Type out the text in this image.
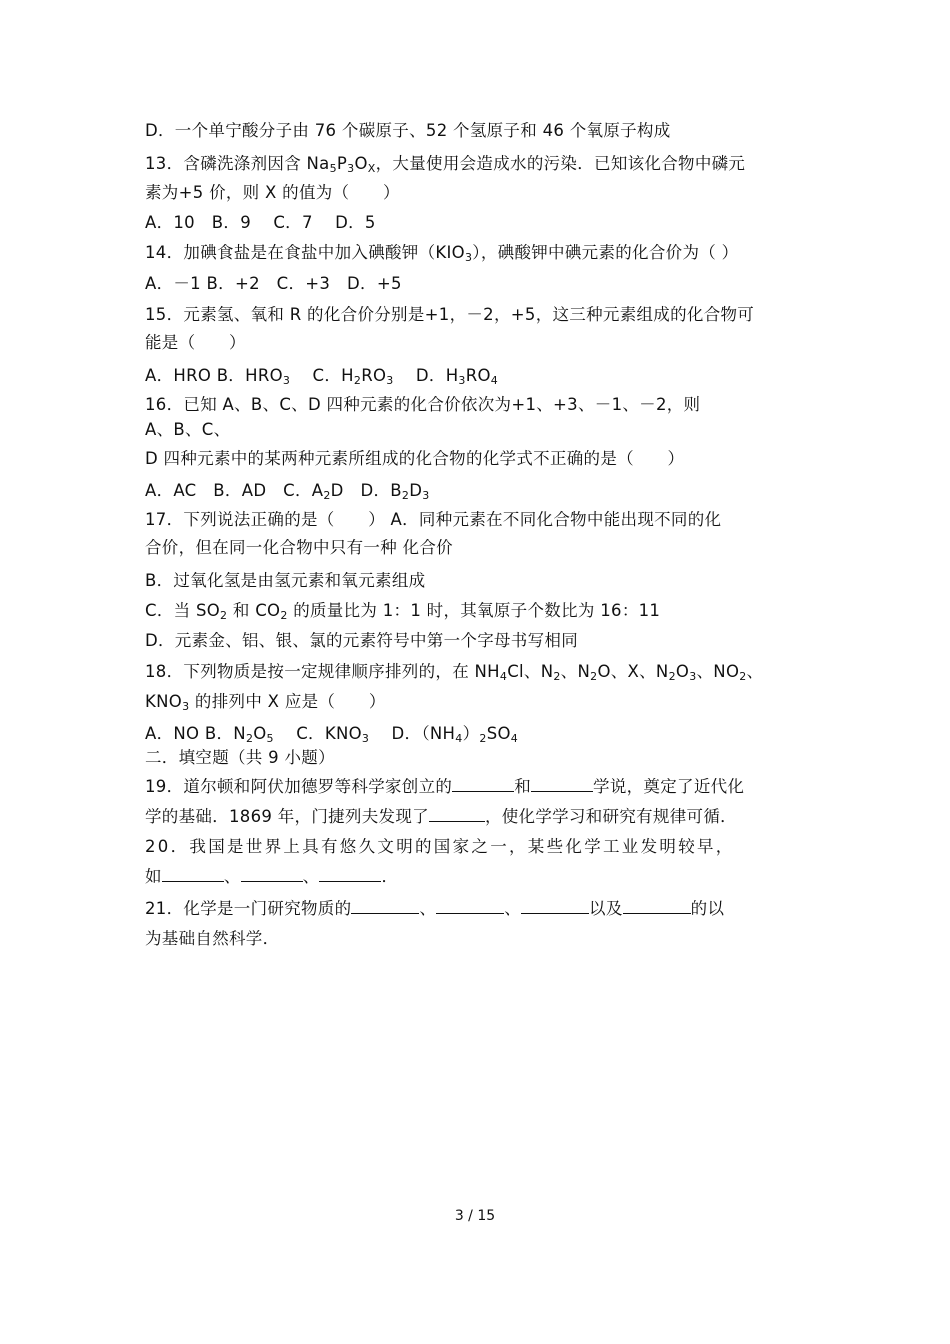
D．一个单宁酸分子由 76 个碳原子、52 个氢原子和 46 个氧原子构成
13．含磷洗涤剂因含 $Na_5P_3O_X$，大量使用会造成水的污染．已知该化合物中磷元
素为+5 价，则 X 的值为（　　）
A．10　B．9　 C．7　 D．5
14．加碘食盐是在食盐中加入碘酸钾$(KIO_3)$，碘酸钾中碘元素的化合价为（ ）
A．－1 B．+2　C．+3　D．+5
15．元素氢、氧和 R 的化合价分别是+1，－2，+5，这三种元素组成的化合物可
能是（　　）
A．HRO B．$HRO_3$　 C．$H_2RO_3$　 D．$H_3RO_4$
16．已知 A、B、C、D 四种元素的化合价依次为+1、+3、－1、－2，则
A、B、C、
D 四种元素中的某两种元素所组成的化合物的化学式不正确的是（　　）
A．AC　B．AD　C．$A_2D$　D．$B_2D_3$
17．下列说法正确的是（　　） A．同种元素在不同化合物中能出现不同的化
合价，但在同一化合物中只有一种 化合价
B．过氧化氢是由氢元素和氧元素组成
C．当 $SO_2$ 和 $CO_2$ 的质量比为 1：1 时，其氧原子个数比为 16：11
D．元素金、铝、银、氯的元素符号中第一个字母书写相同
18．下列物质是按一定规律顺序排列的，在 $NH_4Cl$、$N_2$、$N_2O$、X、$N_2O_3$、$NO_2$、
$KNO_3$ 的排列中 X 应是（　　）
A．NO B．$N_2O_5$　 C．$KNO_3$　 D．$(NH_4)_2SO_4$
二．填空题（共 9 小题）
19．道尔顿和阿伏加德罗等科学家创立的	和	学说，奠定了近代化
学的基础．1869 年，门捷列夫发现了	，使化学学习和研究有规律可循．
20．我国是世界上具有悠久文明的国家之一，某些化学工业发明较早，
如	、	、	．
21．化学是一门研究物质的	、	、	以及	的以
为基础自然科学．
3 / 15
